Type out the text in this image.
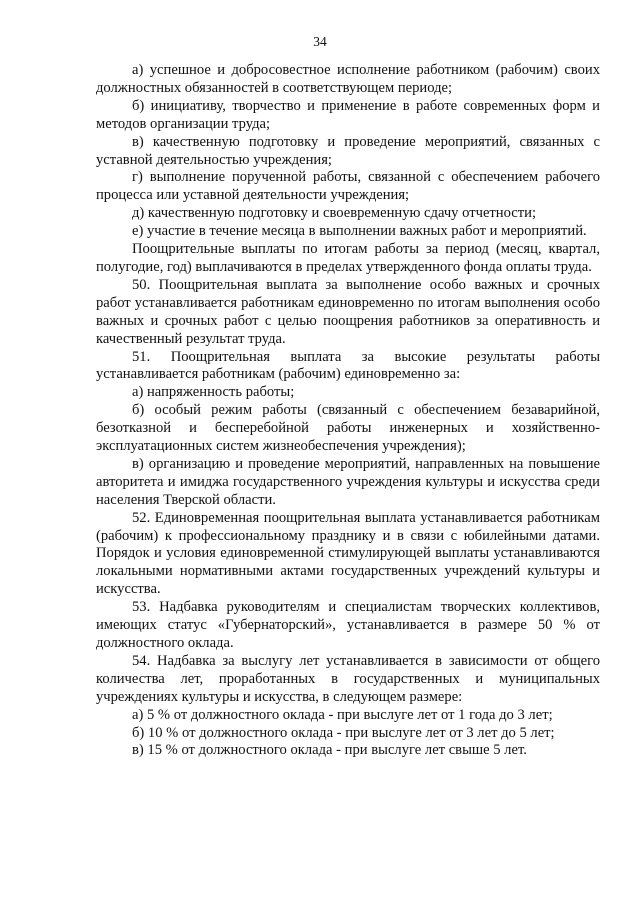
34

а) успешное и добросовестное исполнение работником (рабочим) своих должностных обязанностей в соответствующем периоде;

б) инициативу, творчество и применение в работе современных форм и методов организации труда;

в) качественную подготовку и проведение мероприятий, связанных с уставной деятельностью учреждения;

г) выполнение порученной работы, связанной с обеспечением рабочего процесса или уставной деятельности учреждения;

д) качественную подготовку и своевременную сдачу отчетности;

е) участие в течение месяца в выполнении важных работ и мероприятий.

Поощрительные выплаты по итогам работы за период (месяц, квартал, полугодие, год) выплачиваются в пределах утвержденного фонда оплаты труда.

50. Поощрительная выплата за выполнение особо важных и срочных работ устанавливается работникам единовременно по итогам выполнения особо важных и срочных работ с целью поощрения работников за оперативность и качественный результат труда.

51. Поощрительная выплата за высокие результаты работы устанавливается работникам (рабочим) единовременно за:

а) напряженность работы;

б) особый режим работы (связанный с обеспечением безаварийной, безотказной и бесперебойной работы инженерных и хозяйственно-эксплуатационных систем жизнеобеспечения учреждения);

в) организацию и проведение мероприятий, направленных на повышение авторитета и имиджа государственного учреждения культуры и искусства среди населения Тверской области.

52. Единовременная поощрительная выплата устанавливается работникам (рабочим) к профессиональному празднику и в связи с юбилейными датами. Порядок и условия единовременной стимулирующей выплаты устанавливаются локальными нормативными актами государственных учреждений культуры и искусства.

53. Надбавка руководителям и специалистам творческих коллективов, имеющих статус «Губернаторский», устанавливается в размере 50 % от должностного оклада.

54. Надбавка за выслугу лет устанавливается в зависимости от общего количества лет, проработанных в государственных и муниципальных учреждениях культуры и искусства, в следующем размере:

а) 5 % от должностного оклада - при выслуге лет от 1 года до 3 лет;

б) 10 % от должностного оклада - при выслуге лет от 3 лет до 5 лет;

в) 15 % от должностного оклада - при выслуге лет свыше 5 лет.
